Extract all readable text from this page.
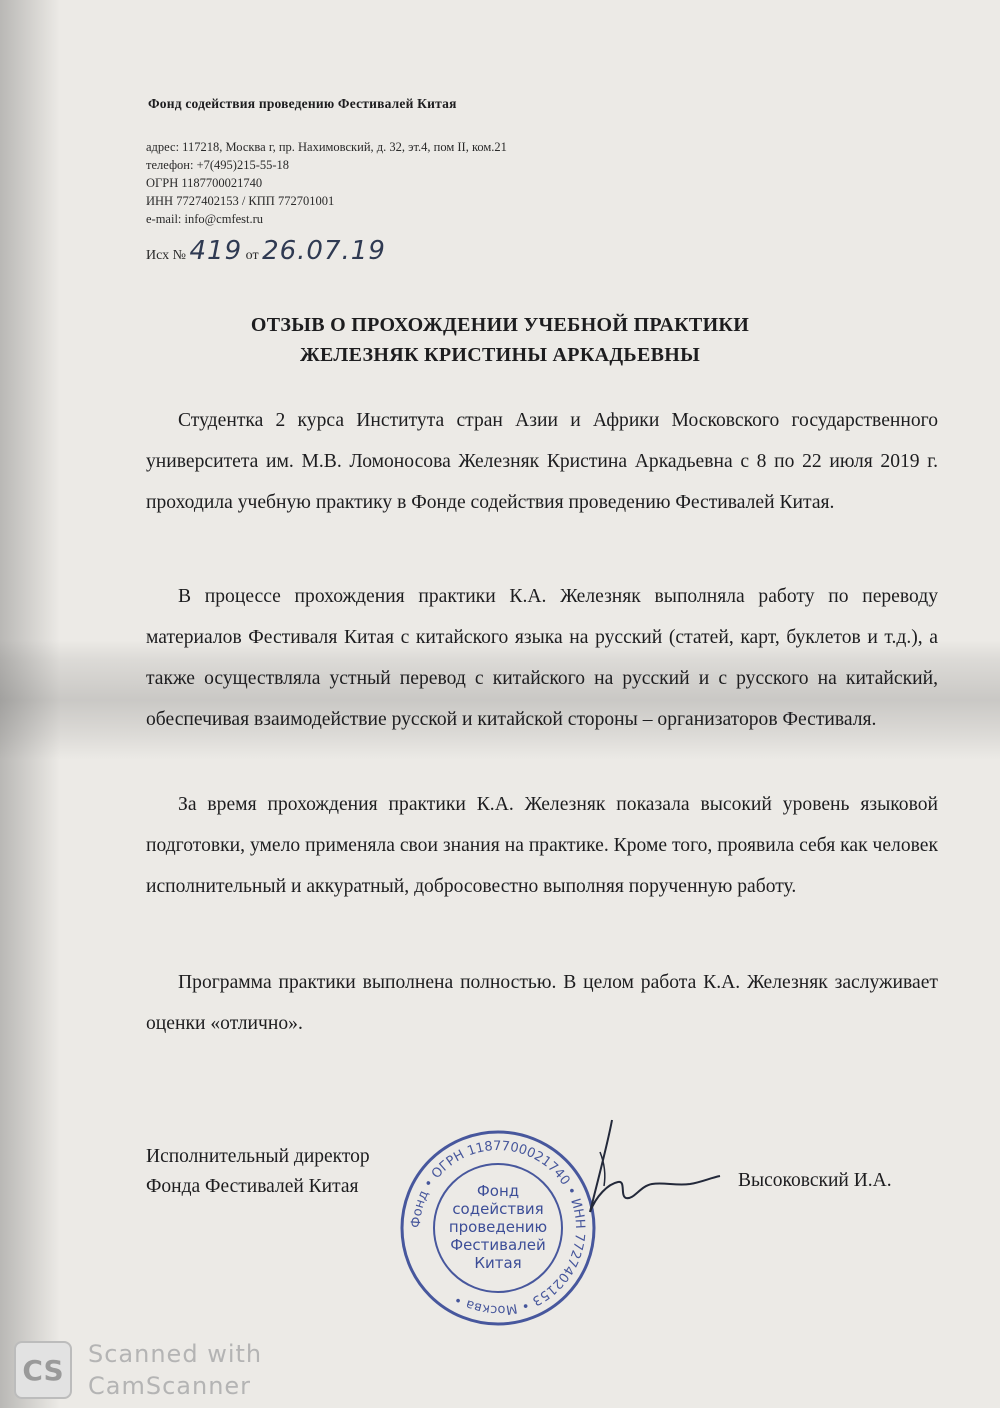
Фонд содействия проведению Фестивалей Китая
адрес: 117218, Москва г, пр. Нахимовский, д. 32, эт.4, пом II, ком.21
телефон: +7(495)215-55-18
ОГРН 1187700021740
ИНН 7727402153 / КПП 772701001
e-mail: info@cmfest.ru
Исх № 419 от 26.07.19
ОТЗЫВ О ПРОХОЖДЕНИИ УЧЕБНОЙ ПРАКТИКИ
ЖЕЛЕЗНЯК КРИСТИНЫ АРКАДЬЕВНЫ
Студентка 2 курса Института стран Азии и Африки Московского государственного университета им. М.В. Ломоносова Железняк Кристина Аркадьевна с 8 по 22 июля 2019 г. проходила учебную практику в Фонде содействия проведению Фестивалей Китая.
В процессе прохождения практики К.А. Железняк выполняла работу по переводу материалов Фестиваля Китая с китайского языка на русский (статей, карт, буклетов и т.д.), а также осуществляла устный перевод с китайского на русский и с русского на китайский, обеспечивая взаимодействие русской и китайской стороны – организаторов Фестиваля.
За время прохождения практики К.А. Железняк показала высокий уровень языковой подготовки, умело применяла свои знания на практике. Кроме того, проявила себя как человек исполнительный и аккуратный, добросовестно выполняя порученную работу.
Программа практики выполнена полностью. В целом работа К.А. Железняк заслуживает оценки «отлично».
Исполнительный директор
Фонда Фестивалей Китая	Высоковский И.А.
Фонд • ОГРН 1187700021740 • ИНН 7727402153 • Москва •
Фонд
содействия
проведению
Фестивалей
Китая
CS	Scanned with
CamScanner
